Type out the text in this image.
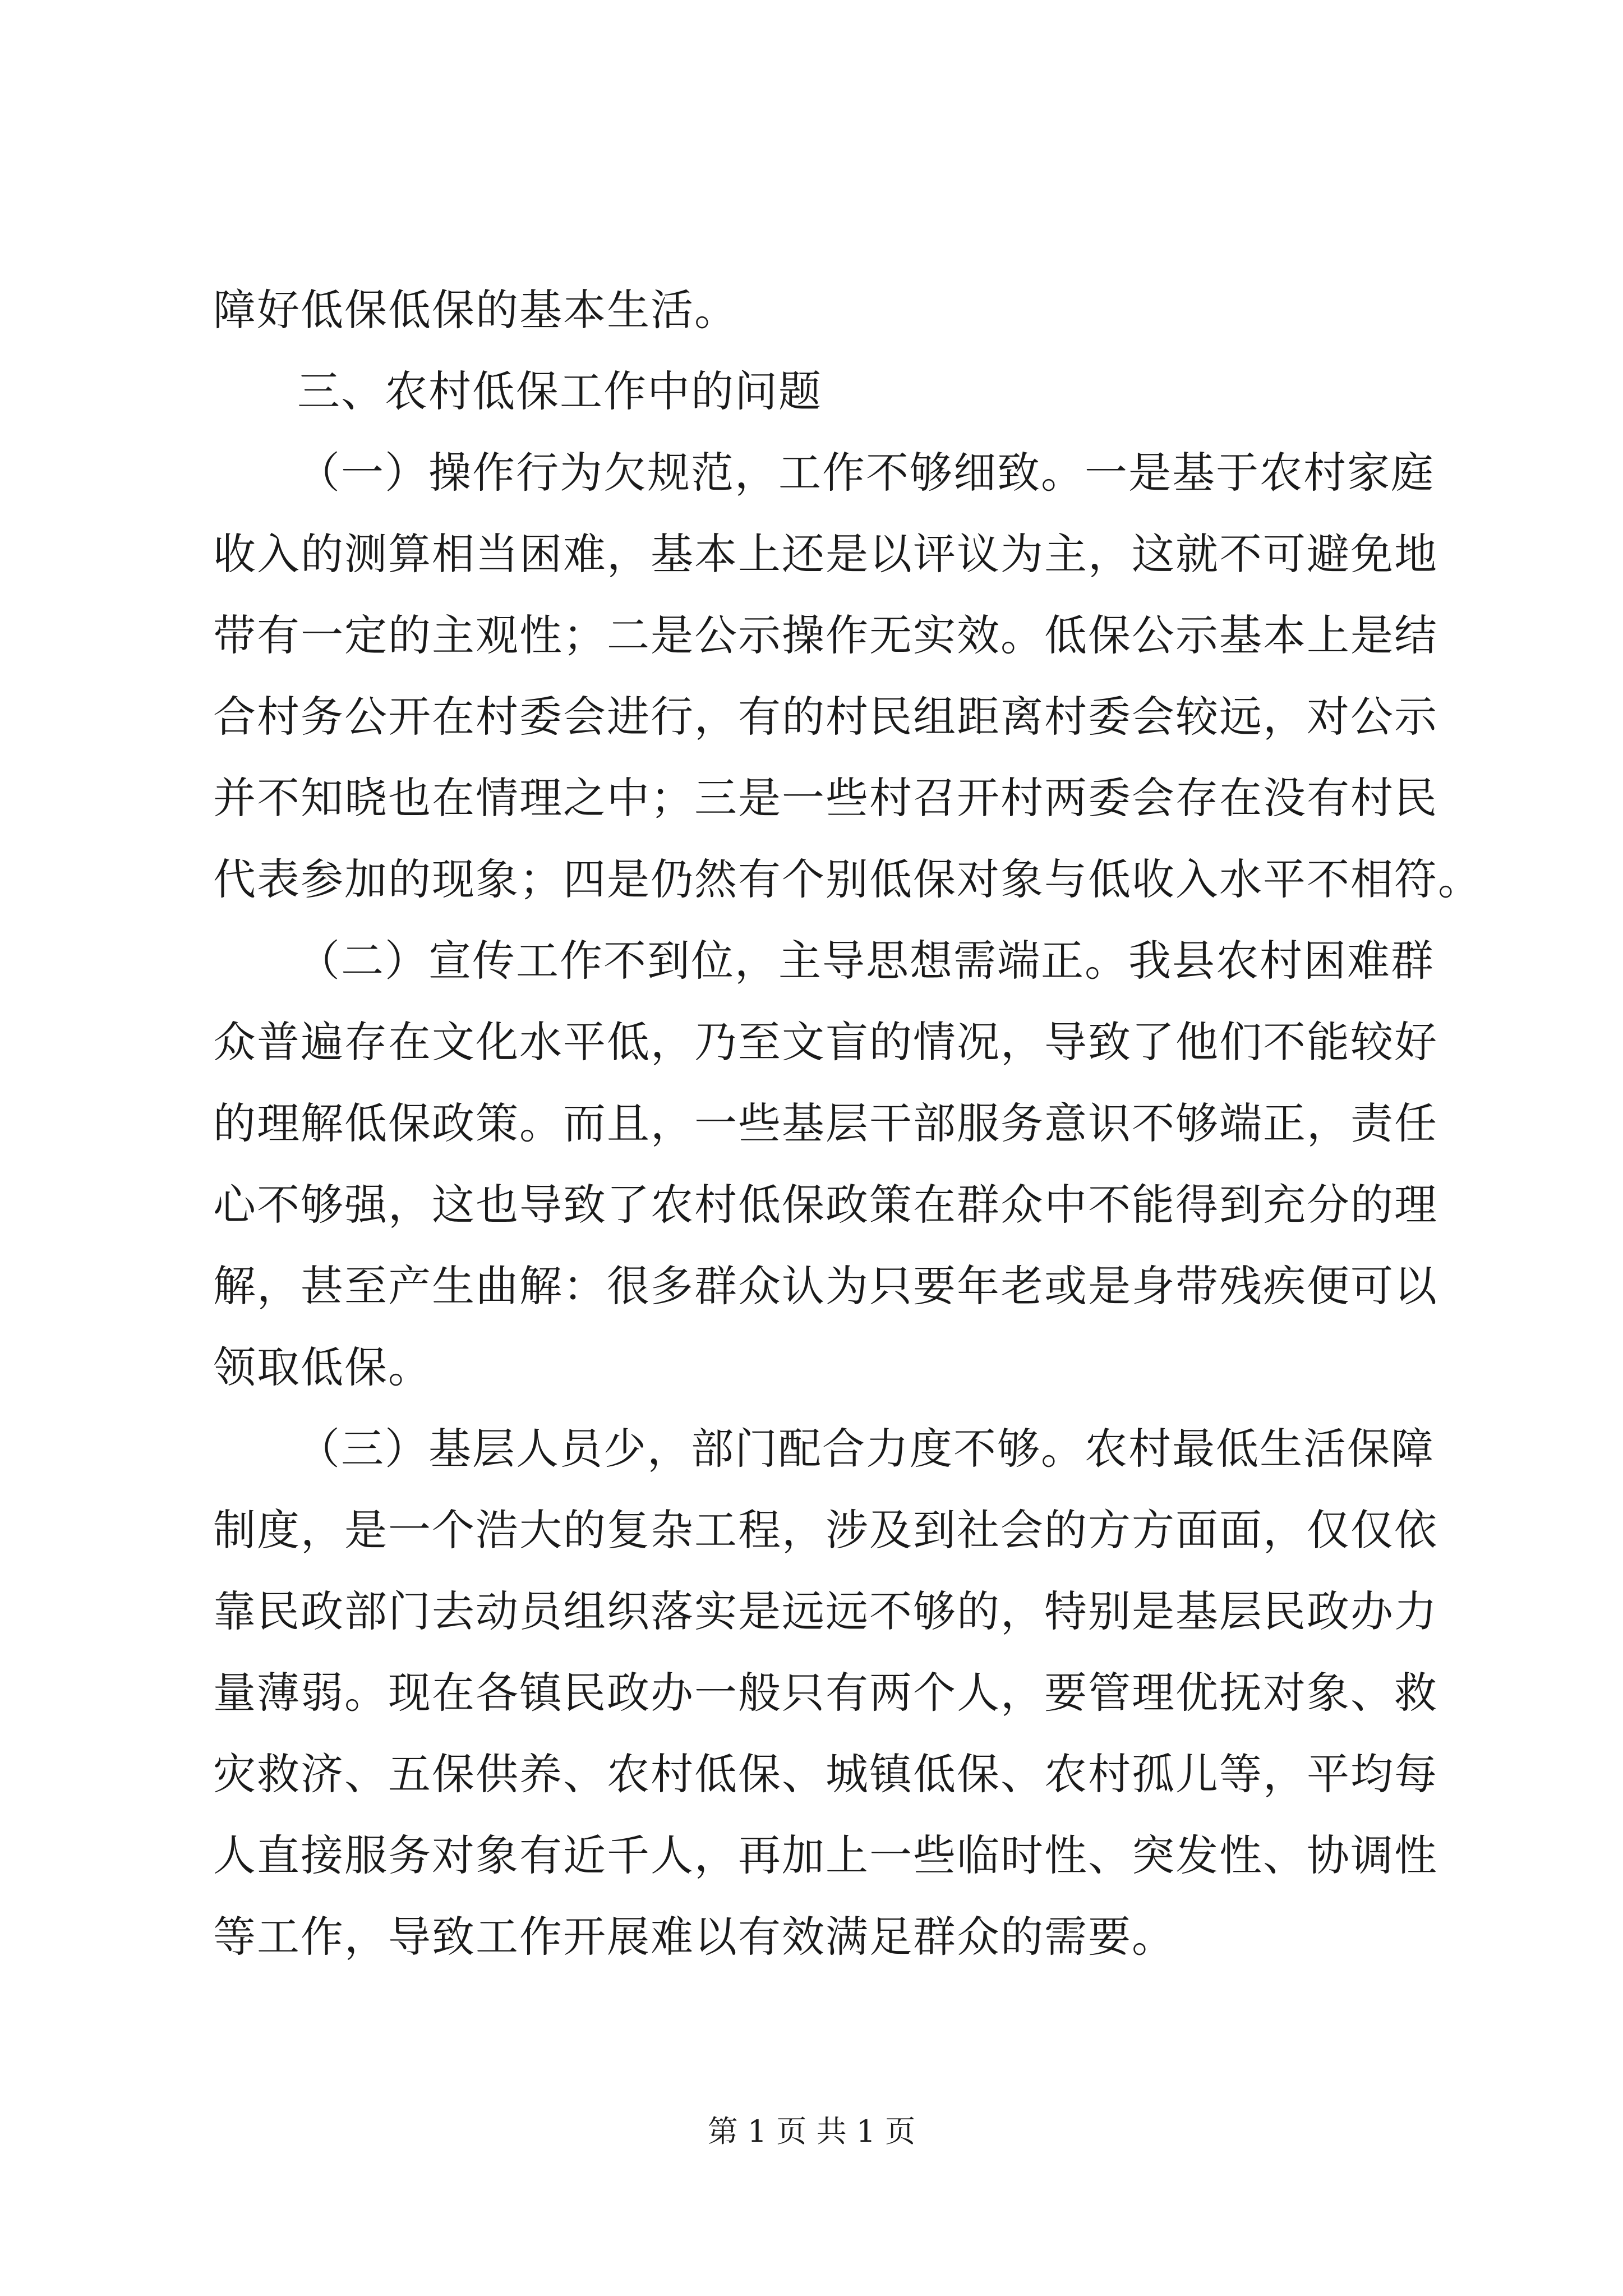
障好低保低保的基本生活。
三、农村低保工作中的问题
（一）操作行为欠规范，工作不够细致。一是基于农村家庭
收入的测算相当困难，基本上还是以评议为主，这就不可避免地
带有一定的主观性；二是公示操作无实效。低保公示基本上是结
合村务公开在村委会进行，有的村民组距离村委会较远，对公示
并不知晓也在情理之中；三是一些村召开村两委会存在没有村民
代表参加的现象；四是仍然有个别低保对象与低收入水平不相符。
（二）宣传工作不到位，主导思想需端正。我县农村困难群
众普遍存在文化水平低，乃至文盲的情况，导致了他们不能较好
的理解低保政策。而且，一些基层干部服务意识不够端正，责任
心不够强，这也导致了农村低保政策在群众中不能得到充分的理
解，甚至产生曲解：很多群众认为只要年老或是身带残疾便可以
领取低保。
（三）基层人员少，部门配合力度不够。农村最低生活保障
制度，是一个浩大的复杂工程，涉及到社会的方方面面，仅仅依
靠民政部门去动员组织落实是远远不够的，特别是基层民政办力
量薄弱。现在各镇民政办一般只有两个人，要管理优抚对象、救
灾救济、五保供养、农村低保、城镇低保、农村孤儿等，平均每
人直接服务对象有近千人，再加上一些临时性、突发性、协调性
等工作，导致工作开展难以有效满足群众的需要。
第 1 页 共 1 页
